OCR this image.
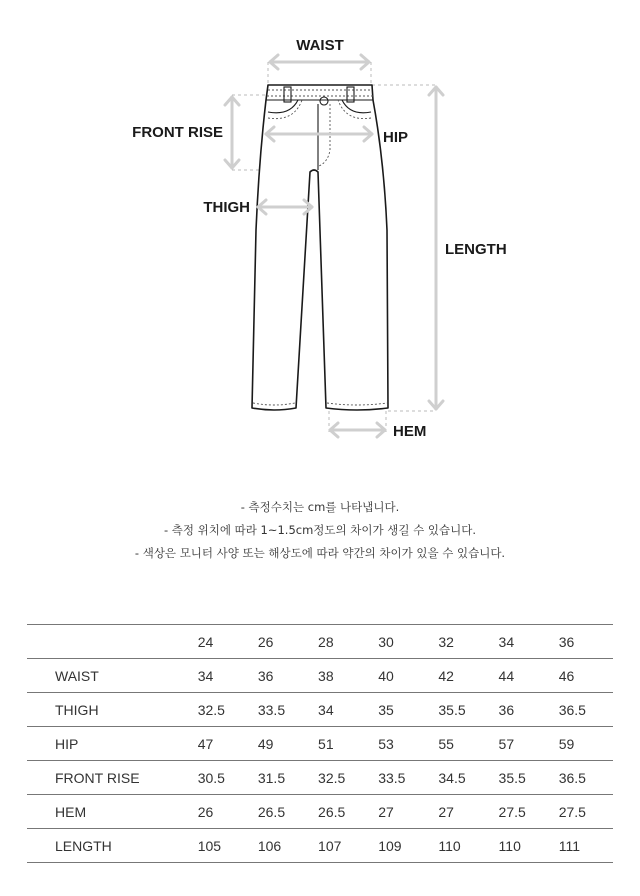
WAIST
FRONT RISE	HIP
THIGH
LENGTH
HEM
- 측정수치는 cm를 나타냅니다.
- 측정 위치에 따라 1~1.5cm정도의 차이가 생길 수 있습니다.
- 색상은 모니터 사양 또는 해상도에 따라 약간의 차이가 있을 수 있습니다.
	24	26	28	30	32	34	36
WAIST	34	36	38	40	42	44	46
THIGH	32.5	33.5	34	35	35.5	36	36.5
HIP	47	49	51	53	55	57	59
FRONT RISE	30.5	31.5	32.5	33.5	34.5	35.5	36.5
HEM	26	26.5	26.5	27	27	27.5	27.5
LENGTH	105	106	107	109	110	110	111
